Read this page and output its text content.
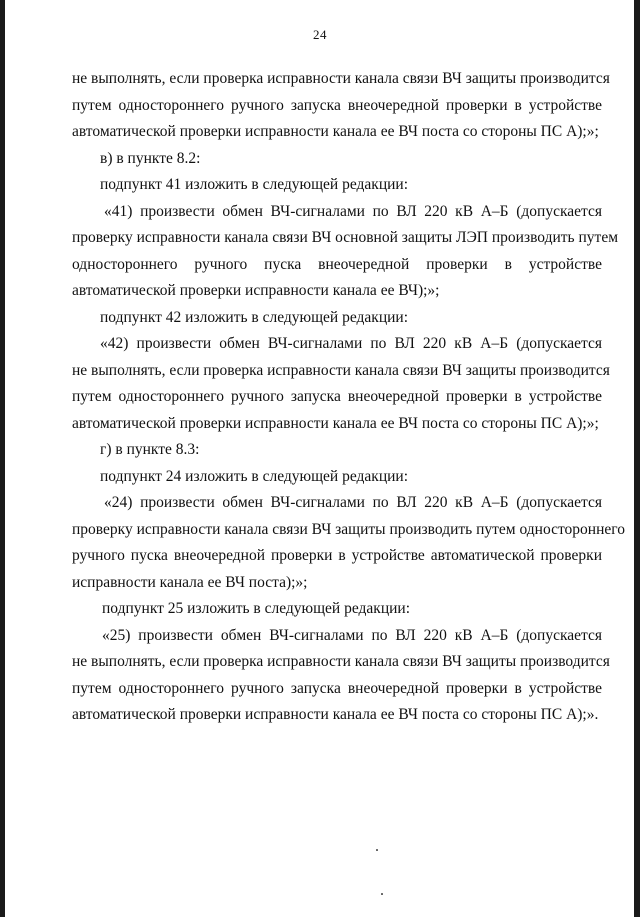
24

не выполнять, если проверка исправности канала связи ВЧ защиты производится
путем одностороннего ручного запуска внеочередной проверки в устройстве
автоматической проверки исправности канала ее ВЧ поста со стороны ПС А);»;

в) в пункте 8.2:

подпункт 41 изложить в следующей редакции:

«41) произвести обмен ВЧ-сигналами по ВЛ 220 кВ А–Б (допускается
проверку исправности канала связи ВЧ основной защиты ЛЭП производить путем
одностороннего ручного пуска внеочередной проверки в устройстве
автоматической проверки исправности канала ее ВЧ);»;

подпункт 42 изложить в следующей редакции:

«42) произвести обмен ВЧ-сигналами по ВЛ 220 кВ А–Б (допускается
не выполнять, если проверка исправности канала связи ВЧ защиты производится
путем одностороннего ручного запуска внеочередной проверки в устройстве
автоматической проверки исправности канала ее ВЧ поста со стороны ПС А);»;

г) в пункте 8.3:

подпункт 24 изложить в следующей редакции:

«24) произвести обмен ВЧ-сигналами по ВЛ 220 кВ А–Б (допускается
проверку исправности канала связи ВЧ защиты производить путем одностороннего
ручного пуска внеочередной проверки в устройстве автоматической проверки
исправности канала ее ВЧ поста);»;

подпункт 25 изложить в следующей редакции:

«25) произвести обмен ВЧ-сигналами по ВЛ 220 кВ А–Б (допускается
не выполнять, если проверка исправности канала связи ВЧ защиты производится
путем одностороннего ручного запуска внеочередной проверки в устройстве
автоматической проверки исправности канала ее ВЧ поста со стороны ПС А);».
